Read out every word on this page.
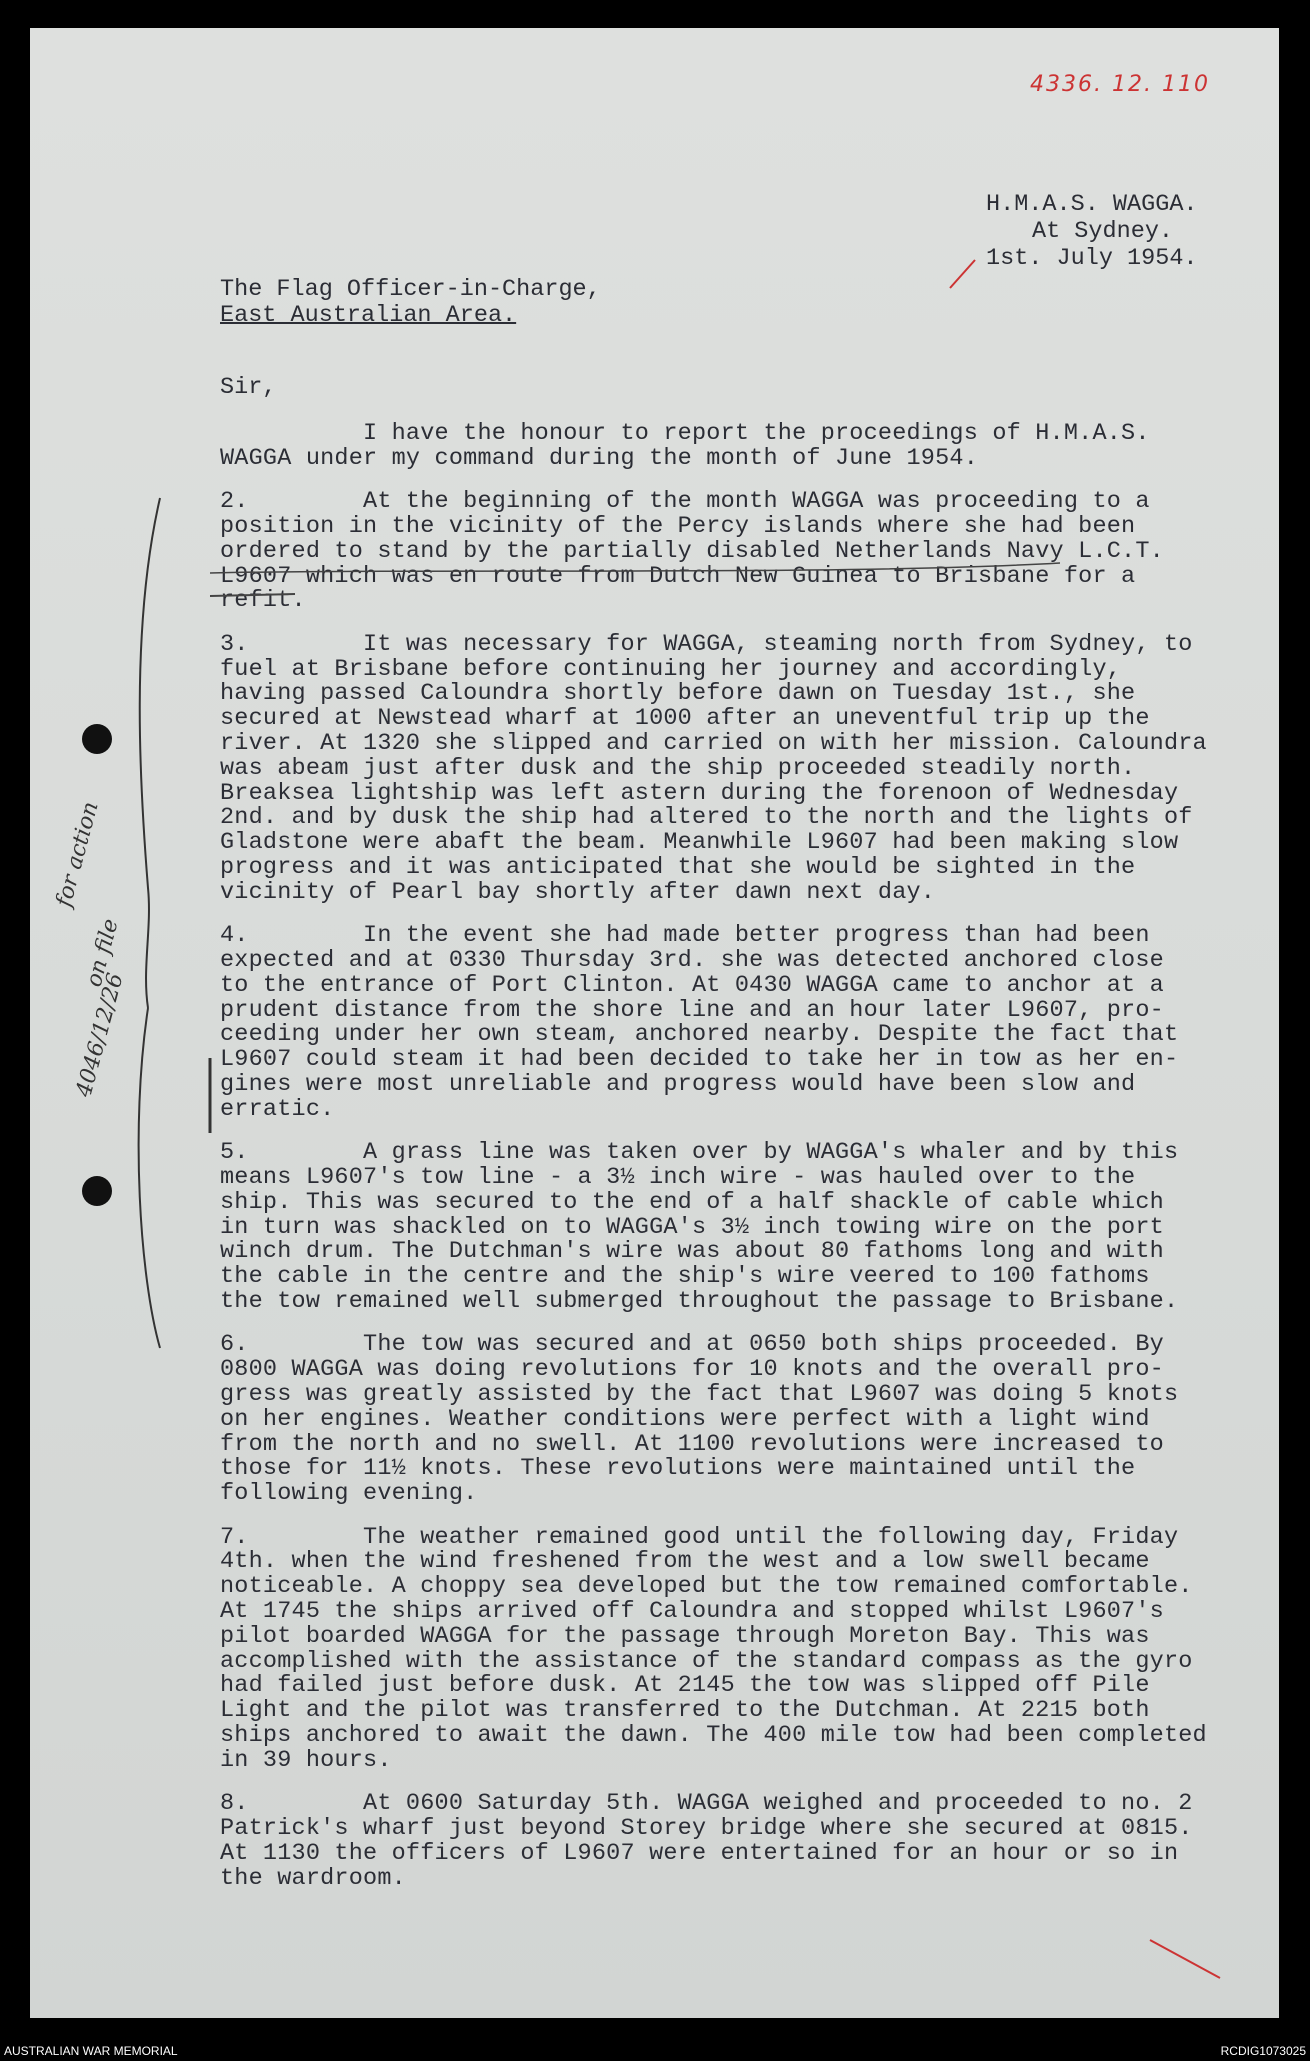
4336. 12. 110
H.M.A.S. WAGGA.
At Sydney.
1st. July 1954.
The Flag Officer-in-Charge,
East Australian Area.
Sir,
I have the honour to report the proceedings of H.M.A.S.
WAGGA under my command during the month of June 1954.
2.        At the beginning of the month WAGGA was proceeding to a
position in the vicinity of the Percy islands where she had been
ordered to stand by the partially disabled Netherlands Navy L.C.T.
L9607 which was en route from Dutch New Guinea to Brisbane for a
refit.
3.        It was necessary for WAGGA, steaming north from Sydney, to
fuel at Brisbane before continuing her journey and accordingly,
having passed Caloundra shortly before dawn on Tuesday 1st., she
secured at Newstead wharf at 1000 after an uneventful trip up the
river. At 1320 she slipped and carried on with her mission. Caloundra
was abeam just after dusk and the ship proceeded steadily north.
Breaksea lightship was left astern during the forenoon of Wednesday
2nd. and by dusk the ship had altered to the north and the lights of
Gladstone were abaft the beam. Meanwhile L9607 had been making slow
progress and it was anticipated that she would be sighted in the
vicinity of Pearl bay shortly after dawn next day.
4.        In the event she had made better progress than had been
expected and at 0330 Thursday 3rd. she was detected anchored close
to the entrance of Port Clinton. At 0430 WAGGA came to anchor at a
prudent distance from the shore line and an hour later L9607, pro-
ceeding under her own steam, anchored nearby. Despite the fact that
L9607 could steam it had been decided to take her in tow as her en-
gines were most unreliable and progress would have been slow and
erratic.
5.        A grass line was taken over by WAGGA's whaler and by this
means L9607's tow line - a 3½ inch wire - was hauled over to the
ship. This was secured to the end of a half shackle of cable which
in turn was shackled on to WAGGA's 3½ inch towing wire on the port
winch drum. The Dutchman's wire was about 80 fathoms long and with
the cable in the centre and the ship's wire veered to 100 fathoms
the tow remained well submerged throughout the passage to Brisbane.
6.        The tow was secured and at 0650 both ships proceeded. By
0800 WAGGA was doing revolutions for 10 knots and the overall pro-
gress was greatly assisted by the fact that L9607 was doing 5 knots
on her engines. Weather conditions were perfect with a light wind
from the north and no swell. At 1100 revolutions were increased to
those for 11½ knots. These revolutions were maintained until the
following evening.
7.        The weather remained good until the following day, Friday
4th. when the wind freshened from the west and a low swell became
noticeable. A choppy sea developed but the tow remained comfortable.
At 1745 the ships arrived off Caloundra and stopped whilst L9607's
pilot boarded WAGGA for the passage through Moreton Bay. This was
accomplished with the assistance of the standard compass as the gyro
had failed just before dusk. At 2145 the tow was slipped off Pile
Light and the pilot was transferred to the Dutchman. At 2215 both
ships anchored to await the dawn. The 400 mile tow had been completed
in 39 hours.
8.        At 0600 Saturday 5th. WAGGA weighed and proceeded to no. 2
Patrick's wharf just beyond Storey bridge where she secured at 0815.
At 1130 the officers of L9607 were entertained for an hour or so in
the wardroom.
for action
on file
4046/12/26
AUSTRALIAN WAR MEMORIAL	RCDIG1073025
